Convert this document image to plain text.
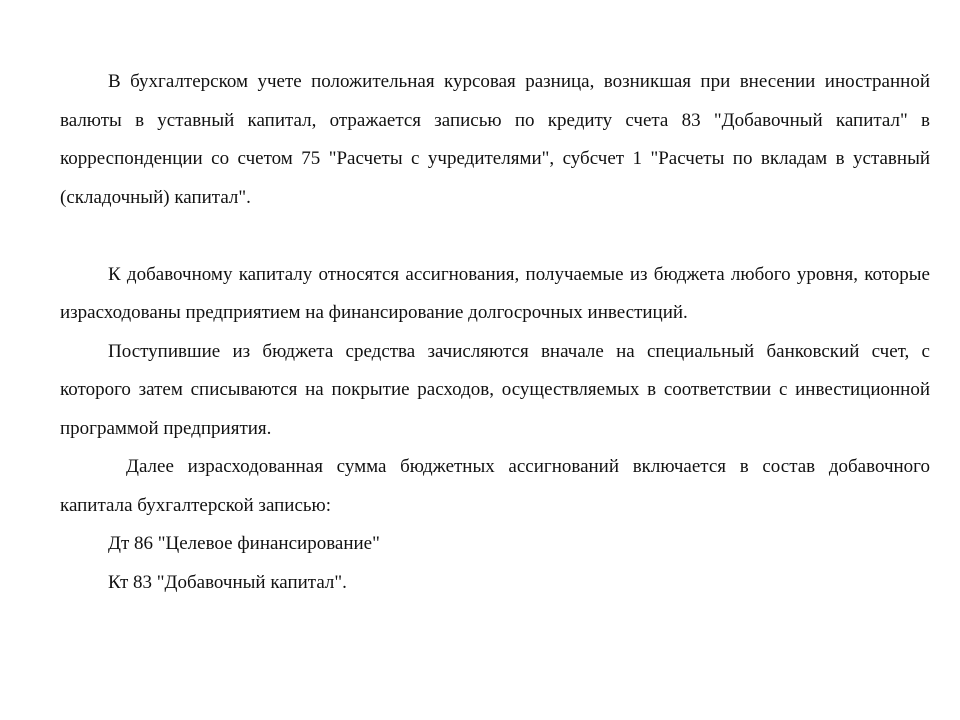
В бухгалтерском учете положительная курсовая разница, возникшая при внесении иностранной валюты в уставный капитал, отражается записью по кредиту счета 83 "Добавочный капитал" в корреспонденции со счетом 75 "Расчеты с учредителями", субсчет 1 "Расчеты по вкладам в уставный (складочный) капитал".

К добавочному капиталу относятся ассигнования, получаемые из бюджета любого уровня, которые израсходованы предприятием на финансирование долгосрочных инвестиций.

Поступившие из бюджета средства зачисляются вначале на специальный банковский счет, с которого затем списываются на покрытие расходов, осуществляемых в соответствии с инвестиционной программой предприятия.

Далее израсходованная сумма бюджетных ассигнований включается в состав добавочного капитала бухгалтерской записью:

Дт 86 "Целевое финансирование"

Кт 83 "Добавочный капитал".
